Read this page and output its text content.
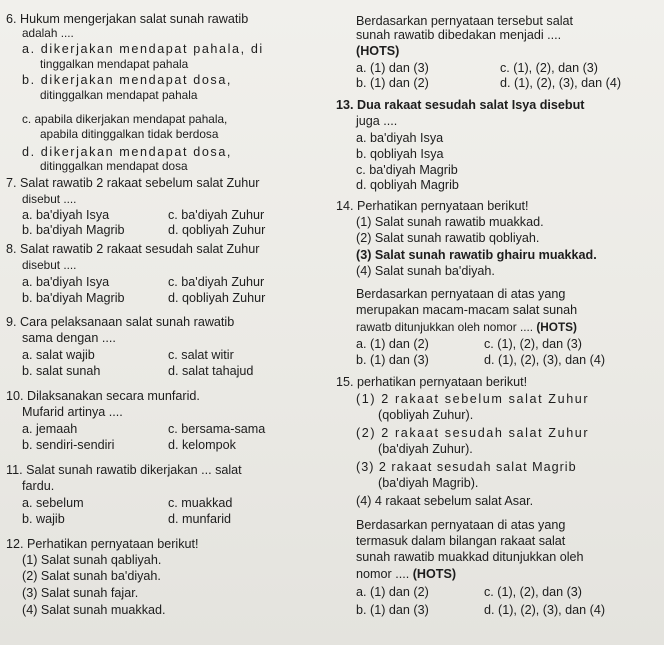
6. Hukum mengerjakan salat sunah rawatib
adalah ....
a. dikerjakan mendapat pahala, di
tinggalkan mendapat pahala
b. dikerjakan mendapat dosa,
ditinggalkan mendapat pahala
c. apabila dikerjakan mendapat pahala,
apabila ditinggalkan tidak berdosa
d. dikerjakan mendapat dosa,
ditinggalkan mendapat dosa
7. Salat rawatib 2 rakaat sebelum salat Zuhur
disebut ....
a. ba'diyah Isya	c. ba'diyah Zuhur
b. ba'diyah Magrib	d. qobliyah Zuhur
8. Salat rawatib 2 rakaat sesudah salat Zuhur
disebut ....
a. ba'diyah Isya	c. ba'diyah Zuhur
b. ba'diyah Magrib	d. qobliyah Zuhur
9. Cara pelaksanaan salat sunah rawatib
sama dengan ....
a. salat wajib	c. salat witir
b. salat sunah	d. salat tahajud
10. Dilaksanakan secara munfarid.
Mufarid artinya ....
a. jemaah	c. bersama-sama
b. sendiri-sendiri	d. kelompok
11. Salat sunah rawatib dikerjakan ... salat
fardu.
a. sebelum	c. muakkad
b. wajib	d. munfarid
12. Perhatikan pernyataan berikut!
(1) Salat sunah qabliyah.
(2) Salat sunah ba'diyah.
(3) Salat sunah fajar.
(4) Salat sunah muakkad.
Berdasarkan pernyataan tersebut salat
sunah rawatib dibedakan menjadi ....
(HOTS)
a. (1) dan (3)	c. (1), (2), dan (3)
b. (1) dan (2)	d. (1), (2), (3), dan (4)
13. Dua rakaat sesudah salat Isya disebut
juga ....
a. ba'diyah Isya
b. qobliyah Isya
c. ba'diyah Magrib
d. qobliyah Magrib
14. Perhatikan pernyataan berikut!
(1) Salat sunah rawatib muakkad.
(2) Salat sunah rawatib qobliyah.
(3) Salat sunah rawatib ghairu muakkad.
(4) Salat sunah ba'diyah.
Berdasarkan pernyataan di atas yang
merupakan macam-macam salat sunah
rawatb ditunjukkan oleh nomor .... (HOTS)
a. (1) dan (2)	c. (1), (2), dan (3)
b. (1) dan (3)	d. (1), (2), (3), dan (4)
15. perhatikan pernyataan berikut!
(1) 2 rakaat sebelum salat Zuhur
(qobliyah Zuhur).
(2) 2 rakaat sesudah salat Zuhur
(ba'diyah Zuhur).
(3) 2 rakaat sesudah salat Magrib
(ba'diyah Magrib).
(4) 4 rakaat sebelum salat Asar.
Berdasarkan pernyataan di atas yang
termasuk dalam bilangan rakaat salat
sunah rawatib muakkad ditunjukkan oleh
nomor .... (HOTS)
a. (1) dan (2)	c. (1), (2), dan (3)
b. (1) dan (3)	d. (1), (2), (3), dan (4)
